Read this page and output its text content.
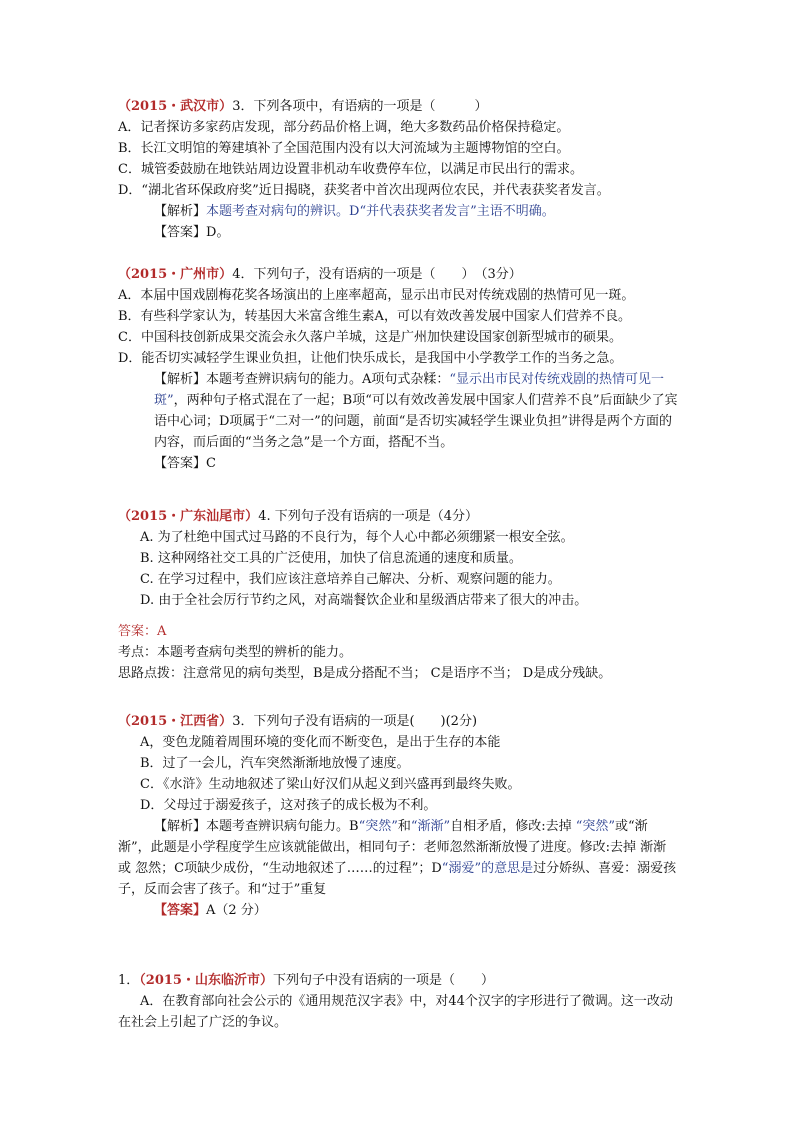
（2015・武汉市）3．下列各项中，有语病的一项是（　　　）
A．记者探访多家药店发现，部分药品价格上调，绝大多数药品价格保持稳定。
B．长江文明馆的筹建填补了全国范围内没有以大河流域为主题博物馆的空白。
C．城管委鼓励在地铁站周边设置非机动车收费停车位，以满足市民出行的需求。
D．“湖北省环保政府奖”近日揭晓，获奖者中首次出现两位农民，并代表获奖者发言。
【解析】本题考查对病句的辨识。D“并代表获奖者发言”主语不明确。
【答案】D。
（2015・广州市）4．下列句子，没有语病的一项是（　　）　（3分）
A．本届中国戏剧梅花奖各场演出的上座率超高，显示出市民对传统戏剧的热情可见一斑。
B．有些科学家认为，转基因大米富含维生素A，可以有效改善发展中国家人们营养不良。
C．中国科技创新成果交流会永久落户羊城，这是广州加快建设国家创新型城市的硕果。
D．能否切实减轻学生课业负担，让他们快乐成长，是我国中小学教学工作的当务之急。
【解析】本题考查辨识病句的能力。A项句式杂糅：“显示出市民对传统戏剧的热情可见一斑”，两种句子格式混在了一起；B项“可以有效改善发展中国家人们营养不良”后面缺少了宾语中心词；D项属于“二对一”的问题，前面“是否切实减轻学生课业负担”讲得是两个方面的内容，而后面的“当务之急”是一个方面，搭配不当。
【答案】C
（2015・广东汕尾市）4. 下列句子没有语病的一项是（4分）
A. 为了杜绝中国式过马路的不良行为，每个人心中都必须绷紧一根安全弦。
B. 这种网络社交工具的广泛使用，加快了信息流通的速度和质量。
C. 在学习过程中，我们应该注意培养自己解决、分析、观察问题的能力。
D. 由于全社会厉行节约之风，对高端餐饮企业和星级酒店带来了很大的冲击。
答案：A
考点：本题考查病句类型的辨析的能力。
思路点拨：注意常见的病句类型，B是成分搭配不当； C是语序不当； D是成分残缺。
（2015・江西省）3．下列句子没有语病的一项是(　　)(2分)
A，变色龙随着周围环境的变化而不断变色，是出于生存的本能
B．过了一会儿，汽车突然渐渐地放慢了速度。
C．《水浒》生动地叙述了梁山好汉们从起义到兴盛再到最终失败。
D．父母过于溺爱孩子，这对孩子的成长极为不利。
【解析】本题考查辨识病句能力。B“突然”和“渐渐”自相矛盾，修改:去掉 “突然”或“渐渐”，此题是小学程度学生应该就能做出，相同句子：老师忽然渐渐放慢了进度。修改:去掉 渐渐 或 忽然；C项缺少成份，“生动地叙述了……的过程”；D“溺爱”的意思是过分娇纵、喜爱：溺爱孩子，反而会害了孩子。和“过于”重复
【答案】A（2 分）
1．（2015・山东临沂市）下列句子中没有语病的一项是（　　）
A．在教育部向社会公示的《通用规范汉字表》中，对44个汉字的字形进行了微调。这一改动在社会上引起了广泛的争议。
